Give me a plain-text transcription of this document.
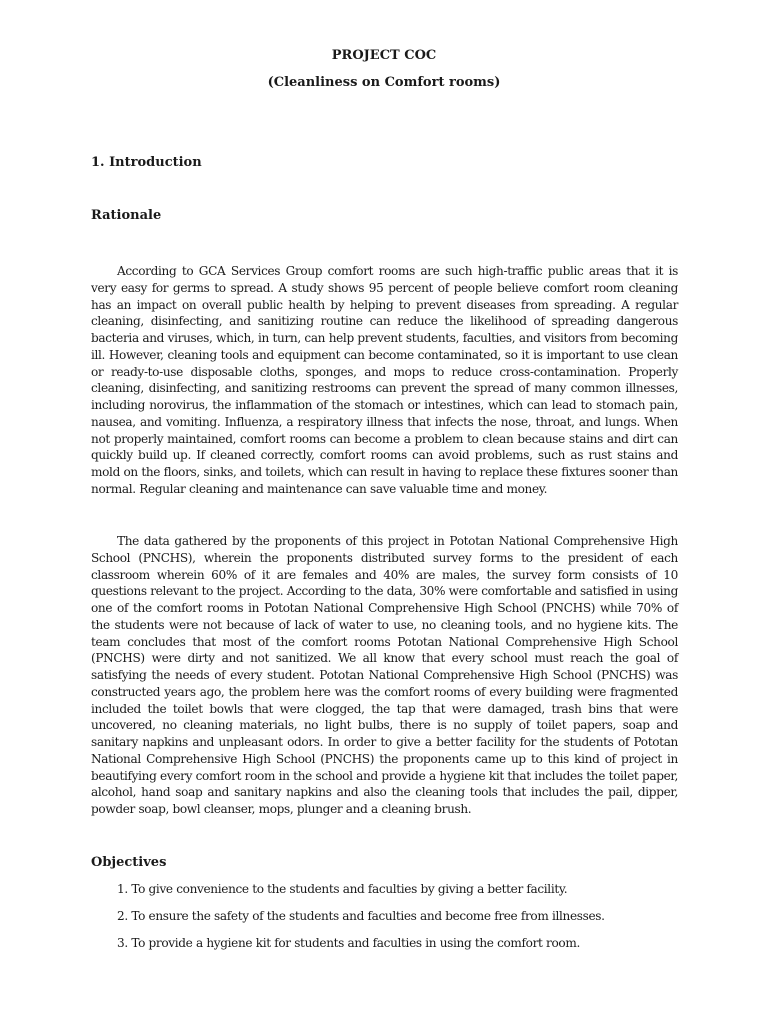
PROJECT COC
(Cleanliness on Comfort rooms)
1. Introduction
Rationale

According to GCA Services Group comfort rooms are such high-traffic public areas that it is very easy for germs to spread. A study shows 95 percent of people believe comfort room cleaning has an impact on overall public health by helping to prevent diseases from spreading. A regular cleaning, disinfecting, and sanitizing routine can reduce the likelihood of spreading dangerous bacteria and viruses, which, in turn, can help prevent students, faculties, and visitors from becoming ill. However, cleaning tools and equipment can become contaminated, so it is important to use clean or ready-to-use disposable cloths, sponges, and mops to reduce cross-contamination. Properly cleaning, disinfecting, and sanitizing restrooms can prevent the spread of many common illnesses, including norovirus, the inflammation of the stomach or intestines, which can lead to stomach pain, nausea, and vomiting. Influenza, a respiratory illness that infects the nose, throat, and lungs. When not properly maintained, comfort rooms can become a problem to clean because stains and dirt can quickly build up. If cleaned correctly, comfort rooms can avoid problems, such as rust stains and mold on the floors, sinks, and toilets, which can result in having to replace these fixtures sooner than normal. Regular cleaning and maintenance can save valuable time and money.

The data gathered by the proponents of this project in Pototan National Comprehensive High School (PNCHS), wherein the proponents distributed survey forms to the president of each classroom wherein 60% of it are females and 40% are males, the survey form consists of 10 questions relevant to the project. According to the data, 30% were comfortable and satisfied in using one of the comfort rooms in Pototan National Comprehensive High School (PNCHS) while 70% of the students were not because of lack of water to use, no cleaning tools, and no hygiene kits. The team concludes that most of the comfort rooms Pototan National Comprehensive High School (PNCHS) were dirty and not sanitized. We all know that every school must reach the goal of satisfying the needs of every student. Pototan National Comprehensive High School (PNCHS) was constructed years ago, the problem here was the comfort rooms of every building were fragmented included the toilet bowls that were clogged, the tap that were damaged, trash bins that were uncovered, no cleaning materials, no light bulbs, there is no supply of toilet papers, soap and sanitary napkins and unpleasant odors. In order to give a better facility for the students of Pototan National Comprehensive High School (PNCHS) the proponents came up to this kind of project in beautifying every comfort room in the school and provide a hygiene kit that includes the toilet paper, alcohol, hand soap and sanitary napkins and also the cleaning tools that includes the pail, dipper, powder soap, bowl cleanser, mops, plunger and a cleaning brush.

Objectives
1. To give convenience to the students and faculties by giving a better facility.
2. To ensure the safety of the students and faculties and become free from illnesses.
3. To provide a hygiene kit for students and faculties in using the comfort room.
